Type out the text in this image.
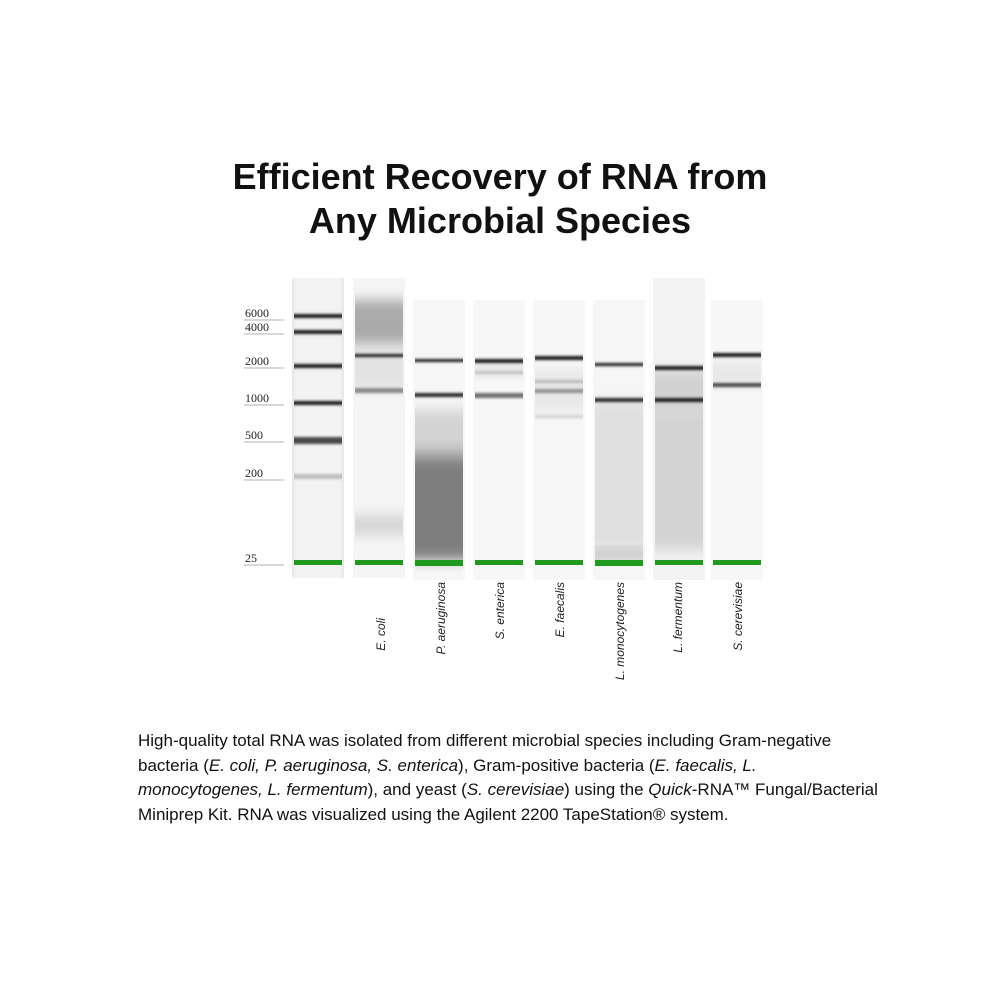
Efficient Recovery of RNA from
Any Microbial Species
6000
4000
2000
1000
500
200
25
E. coli	P. aeruginosa	S. enterica	E. faecalis	L. monocytogenes	L. fermentum	S. cerevisiae
High-quality total RNA was isolated from different microbial species including Gram-negative bacteria (E. coli, P. aeruginosa, S. enterica), Gram-positive bacteria (E. faecalis, L. monocytogenes, L. fermentum), and yeast (S. cerevisiae) using the Quick-RNA™ Fungal/Bacterial Miniprep Kit. RNA was visualized using the Agilent 2200 TapeStation® system.
